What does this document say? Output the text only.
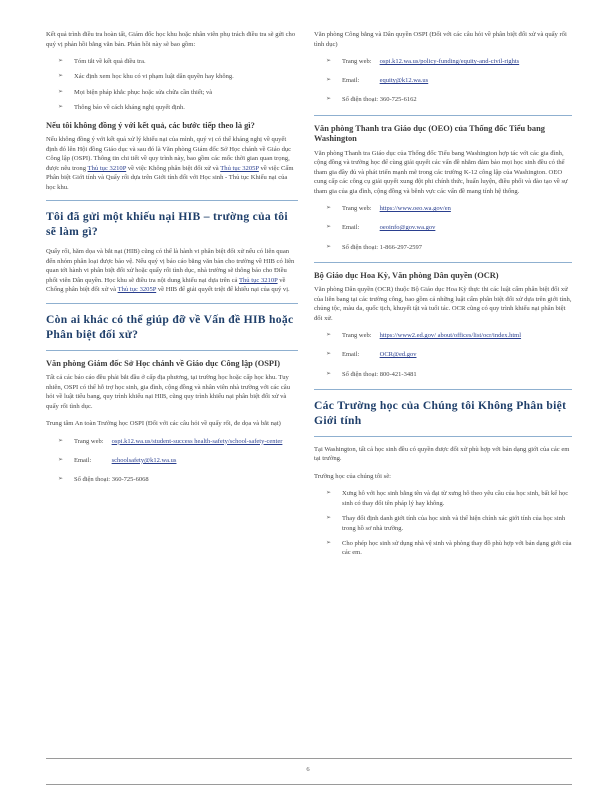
Kết quả trình điều tra hoàn tất, Giám đốc học khu hoặc nhân viên phụ trách điều tra sẽ gửi cho quý vị phản hồi bằng văn bản. Phản hồi này sẽ bao gồm:

➢ Tóm tắt về kết quả điều tra.
➢ Xác định xem học khu có vi phạm luật dân quyền hay không.
➢ Mọi biện pháp khắc phục hoặc sửa chữa cần thiết; và
➢ Thông báo về cách kháng nghị quyết định.
Nếu tôi không đồng ý với kết quả, các bước tiếp theo là gì?

Nếu không đồng ý với kết quả xử lý khiếu nại của mình, quý vị có thể kháng nghị về quyết định đó lên Hội đồng Giáo dục và sau đó là Văn phòng Giám đốc Sở Học chánh về Giáo dục Công lập (OSPI). Thông tin chi tiết về quy trình này, bao gồm các mốc thời gian quan trọng, được nêu trong Thủ tục 3210P về việc Không phân biệt đối xử và Thủ tục 3205P về việc Cấm Phân biệt Giới tính và Quấy rối dựa trên Giới tính đối với Học sinh - Thủ tục Khiếu nại của học khu.

Tôi đã gửi một khiếu nại HIB – trường của tôi sẽ làm gì?

Quấy rối, hăm dọa và bắt nạt (HIB) cũng có thể là hành vi phân biệt đối xử nếu có liên quan đến nhóm phân loại được bảo vệ. Nếu quý vị báo cáo bằng văn bản cho trường về HIB có liên quan tới hành vi phân biệt đối xử hoặc quấy rối tình dục, nhà trường sẽ thông báo cho Điều phối viên Dân quyền. Học khu sẽ điều tra nội dung khiếu nại dựa trên cả Thủ tục 3210P về Chống phân biệt đối xử và Thủ tục 3205P về HIB để giải quyết triệt để khiếu nại của quý vị.

Còn ai khác có thể giúp đỡ về Vấn đề HIB hoặc Phân biệt đối xử?
Văn phòng Giám đốc Sở Học chánh về Giáo dục Công lập (OSPI)

Tất cả các báo cáo đều phải bắt đầu ở cấp địa phương, tại trường học hoặc cấp học khu. Tuy nhiên, OSPI có thể hỗ trợ học sinh, gia đình, cộng đồng và nhân viên nhà trường với các câu hỏi về luật tiểu bang, quy trình khiếu nại HIB, cũng quy trình khiếu nại phân biệt đối xử và quấy rối tình dục.

Trung tâm An toàn Trường học OSPI (Đối với các câu hỏi về quấy rối, đe dọa và bắt nạt)

➢ Trang web: ospi.k12.wa.us/student-success health-safety/school-safety-center
➢ Email:	schoolsafety@k12.wa.us
➢ Số điện thoại: 360-725-6068

Văn phòng Công bằng và Dân quyền OSPI (Đối với các câu hỏi về phân biệt đối xử và quấy rối tình dục)

➢ Trang web: ospi.k12.wa.us/policy-funding/equity-and-civil-rights
➢ Email:	equity@k12.wa.us
➢ Số điện thoại: 360-725-6162
Văn phòng Thanh tra Giáo dục (OEO) của Thống đốc Tiểu bang Washington

Văn phòng Thanh tra Giáo dục của Thống đốc Tiểu bang Washington hợp tác với các gia đình, cộng đồng và trường học để cùng giải quyết các vấn đề nhằm đảm bảo mọi học sinh đều có thể tham gia đầy đủ và phát triển mạnh mẽ trong các trường K-12 công lập của Washington. OEO cung cấp các công cụ giải quyết xung đột phi chính thức, huấn luyện, điều phối và đào tạo về sự tham gia của gia đình, cộng đồng và bênh vực các vấn đề mang tính hệ thống.

➢ Trang web: https://www.oeo.wa.gov/en
➢ Email:	oeoinfo@gov.wa.gov
➢ Số điện thoại: 1-866-297-2597
Bộ Giáo dục Hoa Kỳ, Văn phòng Dân quyền (OCR)

Văn phòng Dân quyền (OCR) thuộc Bộ Giáo dục Hoa Kỳ thực thi các luật cấm phân biệt đối xử của liên bang tại các trường công, bao gồm cả những luật cấm phân biệt đối xử dựa trên giới tính, chủng tộc, màu da, quốc tịch, khuyết tật và tuổi tác. OCR cũng có quy trình khiếu nại phân biệt đối xử.

➢ Trang web: https://www2.ed.gov/ about/offices/list/ocr/index.html
➢ Email:	OCR@ed.gov
➢ Số điện thoại: 800-421-3481
Các Trường học của Chúng tôi Không Phân biệt Giới tính

Tại Washington, tất cả học sinh đều có quyền được đối xử phù hợp với bản dạng giới của các em tại trường.

Trường học của chúng tôi sẽ:

➢ Xưng hô với học sinh bằng tên và đại từ xưng hô theo yêu cầu của học sinh, bất kể học sinh có thay đổi tên pháp lý hay không.
➢ Thay đổi định danh giới tính của học sinh và thể hiện chính xác giới tính của học sinh trong hồ sơ nhà trường.
➢ Cho phép học sinh sử dụng nhà vệ sinh và phòng thay đồ phù hợp với bản dạng giới của các em.
6
